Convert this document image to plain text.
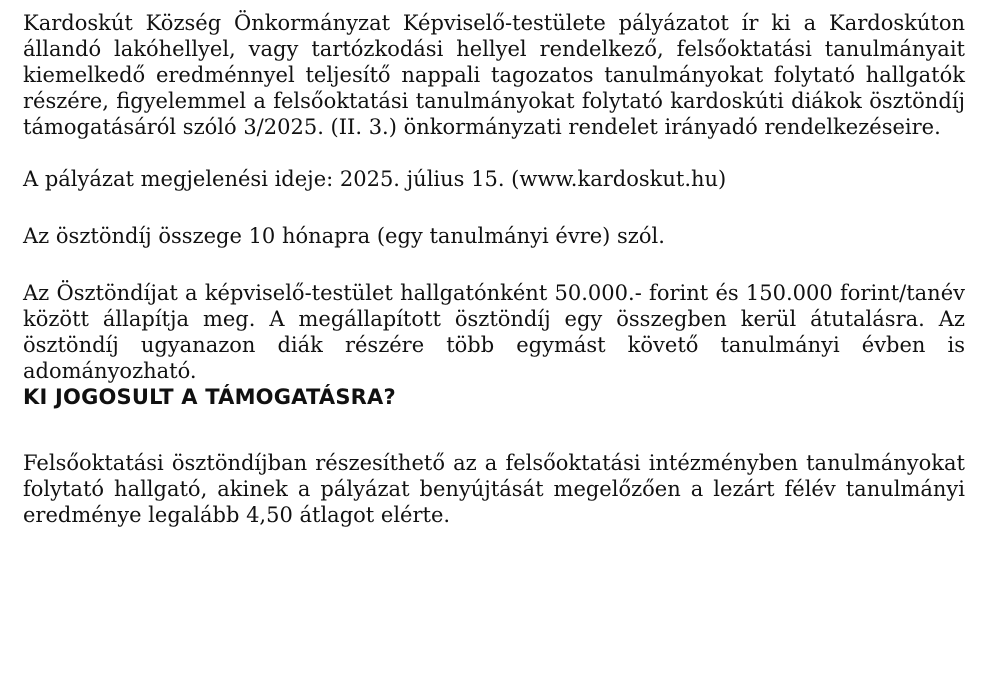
Kardoskút Község Önkormányzat Képviselő-testülete pályázatot ír ki a Kardoskúton állandó lakóhellyel, vagy tartózkodási hellyel rendelkező, felsőoktatási tanulmányait kiemelkedő eredménnyel teljesítő nappali tagozatos tanulmányokat folytató hallgatók részére, figyelemmel a felsőoktatási tanulmányokat folytató kardoskúti diákok ösztöndíj támogatásáról szóló 3/2025. (II. 3.) önkormányzati rendelet irányadó rendelkezéseire.

A pályázat megjelenési ideje: 2025. július 15. (www.kardoskut.hu)

Az ösztöndíj összege 10 hónapra (egy tanulmányi évre) szól.

Az Ösztöndíjat a képviselő-testület hallgatónként 50.000.- forint és 150.000 forint/tanév között állapítja meg. A megállapított ösztöndíj egy összegben kerül átutalásra. Az ösztöndíj ugyanazon diák részére több egymást követő tanulmányi évben is adományozható.

KI JOGOSULT A TÁMOGATÁSRA?

Felsőoktatási ösztöndíjban részesíthető az a felsőoktatási intézményben tanulmányokat folytató hallgató, akinek a pályázat benyújtását megelőzően a lezárt félév tanulmányi eredménye legalább 4,50 átlagot elérte.
